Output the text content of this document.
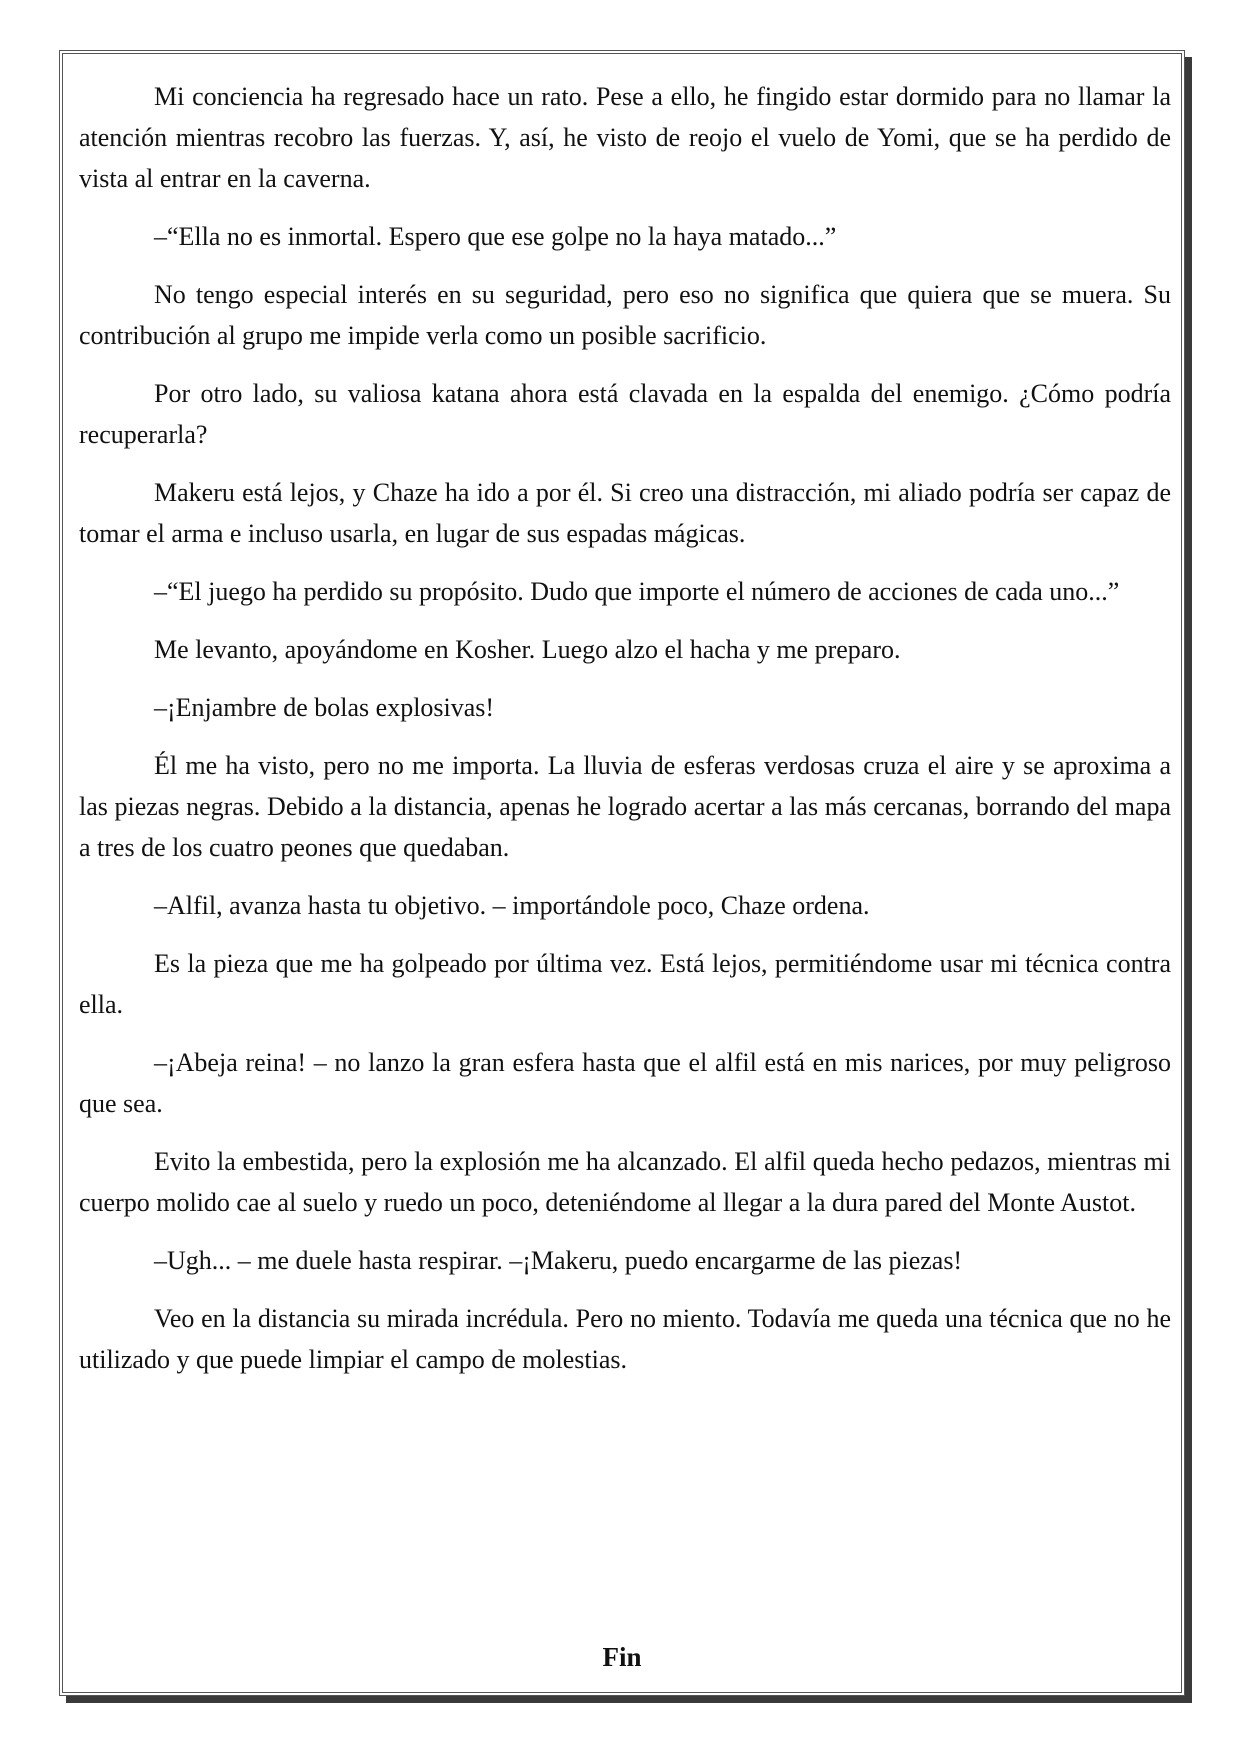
Mi conciencia ha regresado hace un rato. Pese a ello, he fingido estar dormido para no llamar la atención mientras recobro las fuerzas. Y, así, he visto de reojo el vuelo de Yomi, que se ha perdido de vista al entrar en la caverna.

–“Ella no es inmortal. Espero que ese golpe no la haya matado...”

No tengo especial interés en su seguridad, pero eso no significa que quiera que se muera. Su contribución al grupo me impide verla como un posible sacrificio.

Por otro lado, su valiosa katana ahora está clavada en la espalda del enemigo. ¿Cómo podría recuperarla?

Makeru está lejos, y Chaze ha ido a por él. Si creo una distracción, mi aliado podría ser capaz de tomar el arma e incluso usarla, en lugar de sus espadas mágicas.

–“El juego ha perdido su propósito. Dudo que importe el número de acciones de cada uno...”

Me levanto, apoyándome en Kosher. Luego alzo el hacha y me preparo.

–¡Enjambre de bolas explosivas!

Él me ha visto, pero no me importa. La lluvia de esferas verdosas cruza el aire y se aproxima a las piezas negras. Debido a la distancia, apenas he logrado acertar a las más cercanas, borrando del mapa a tres de los cuatro peones que quedaban.

–Alfil, avanza hasta tu objetivo. – importándole poco, Chaze ordena.

Es la pieza que me ha golpeado por última vez. Está lejos, permitiéndome usar mi técnica contra ella.

–¡Abeja reina! – no lanzo la gran esfera hasta que el alfil está en mis narices, por muy peligroso que sea.

Evito la embestida, pero la explosión me ha alcanzado. El alfil queda hecho pedazos, mientras mi cuerpo molido cae al suelo y ruedo un poco, deteniéndome al llegar a la dura pared del Monte Austot.

–Ugh... – me duele hasta respirar. –¡Makeru, puedo encargarme de las piezas!

Veo en la distancia su mirada incrédula. Pero no miento. Todavía me queda una técnica que no he utilizado y que puede limpiar el campo de molestias.

Fin
